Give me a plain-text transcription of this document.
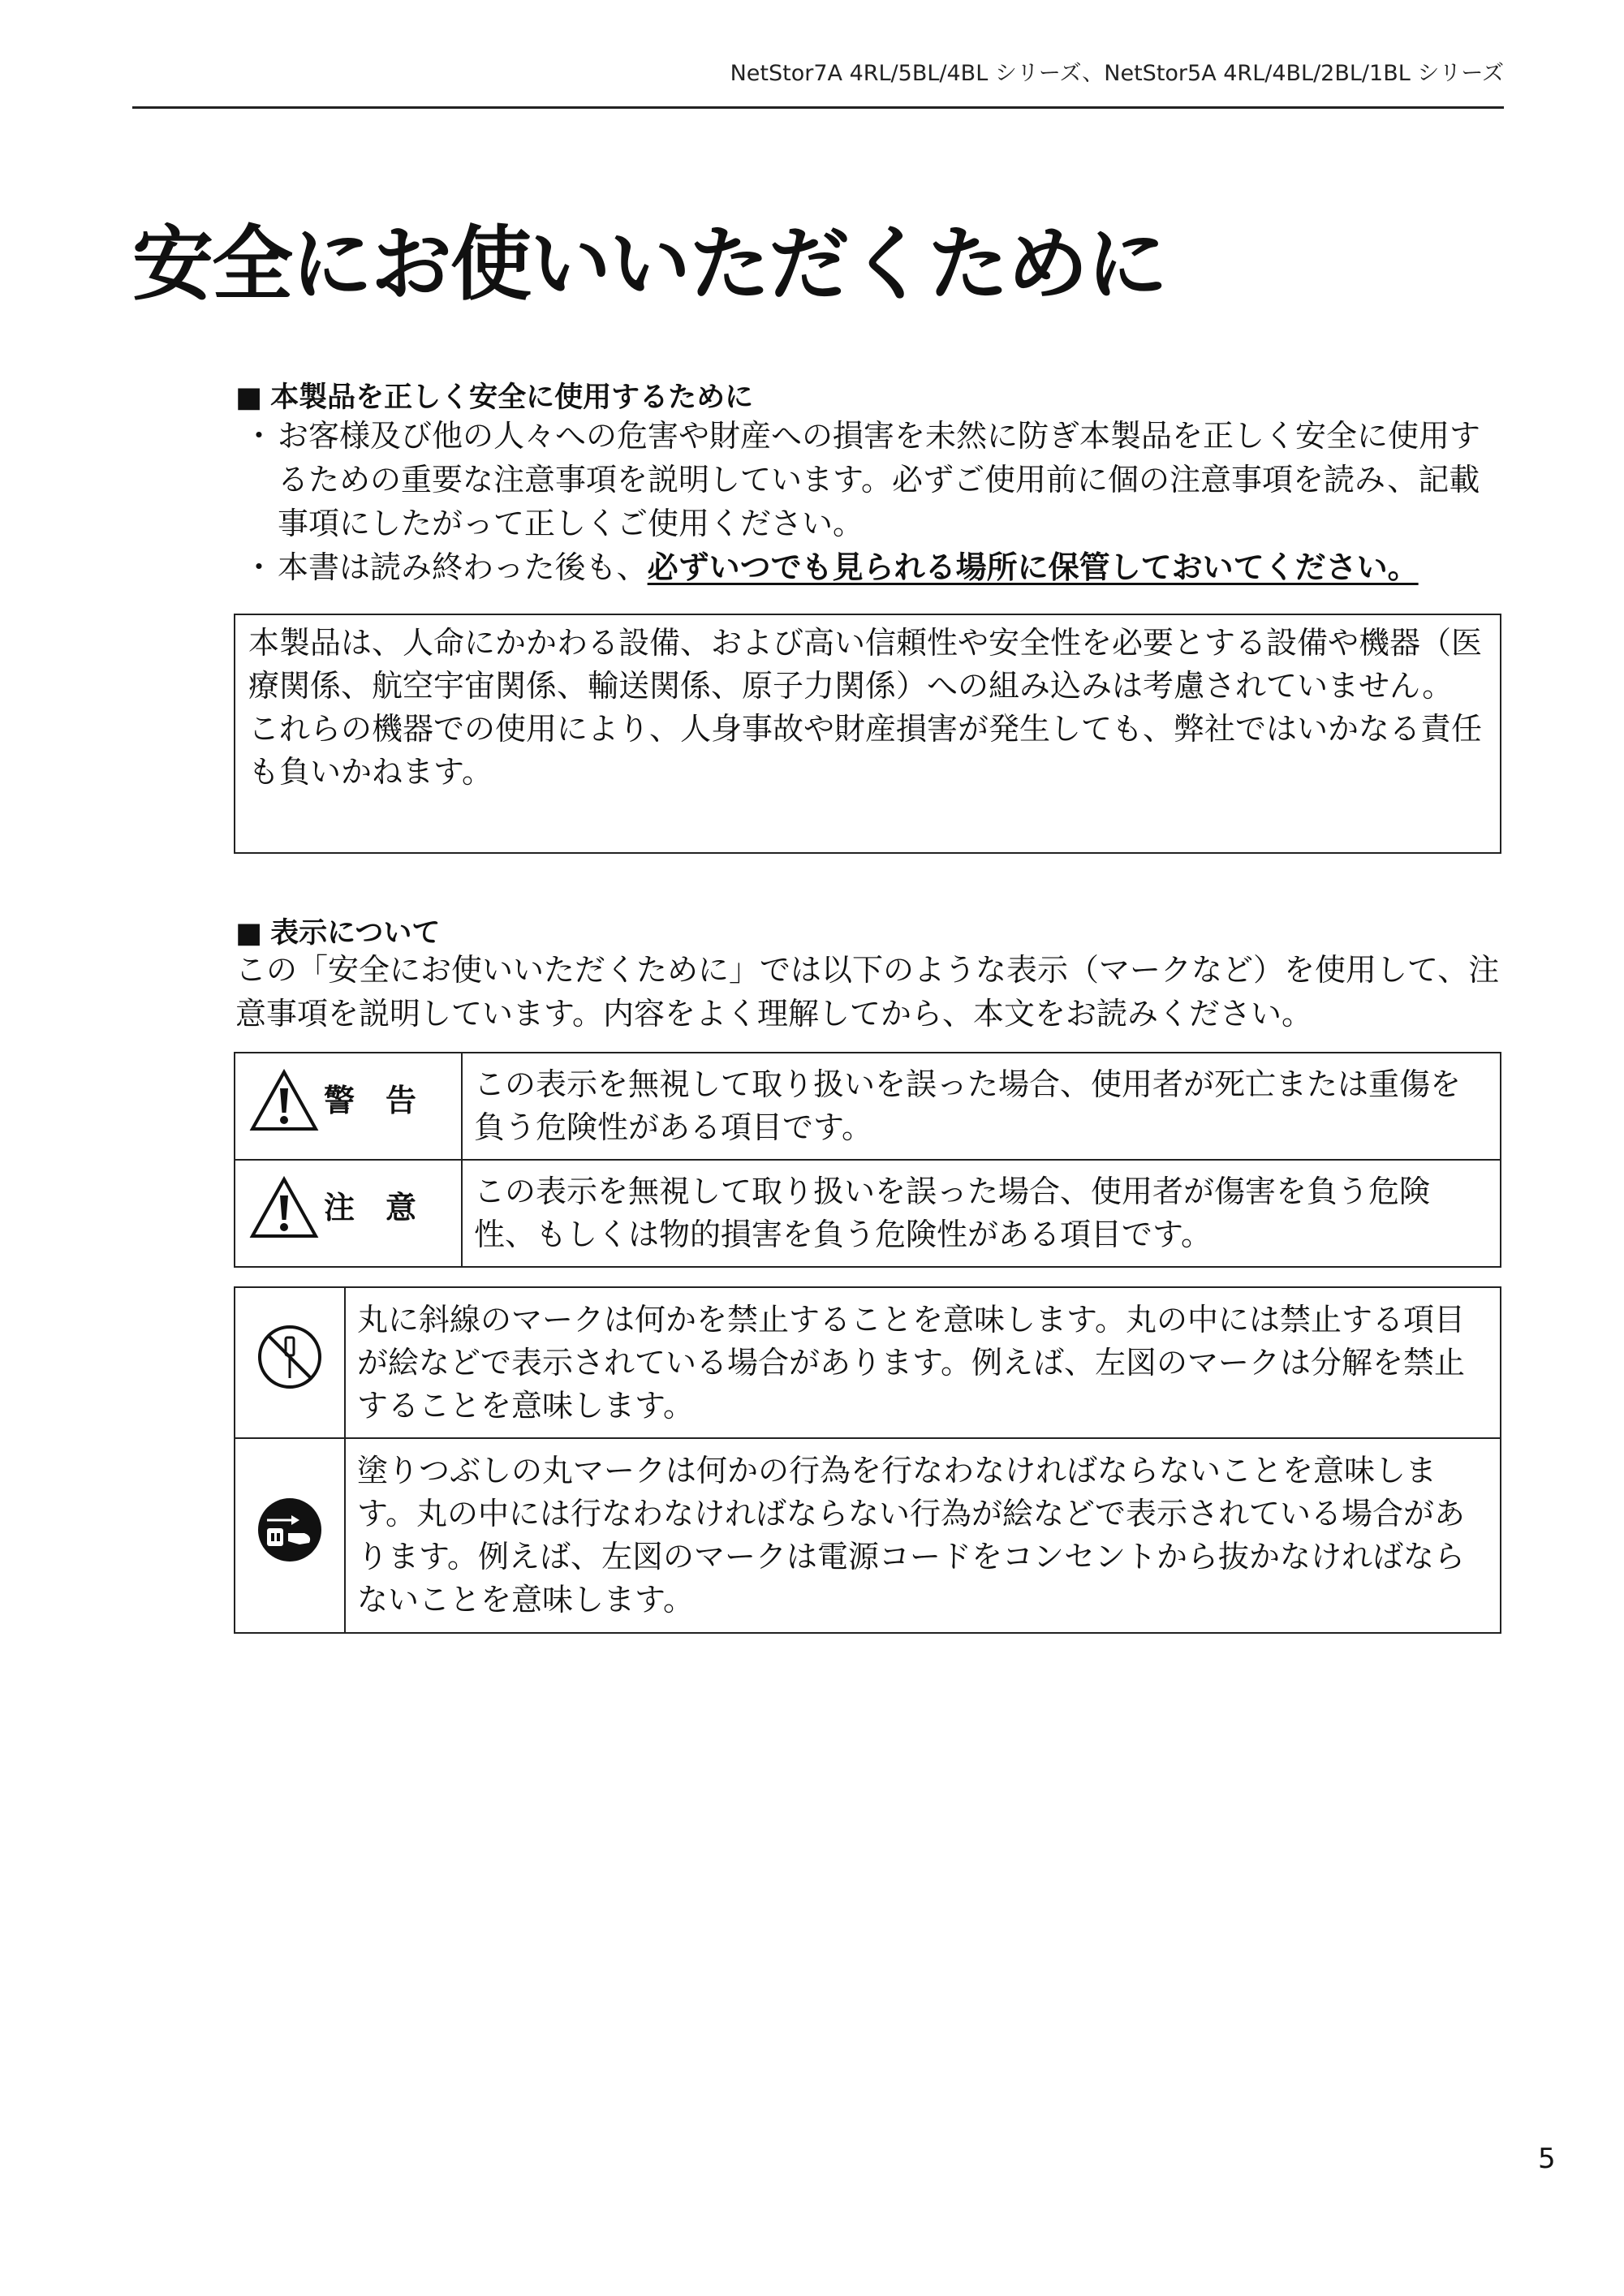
NetStor7A 4RL/5BL/4BL シリーズ、NetStor5A 4RL/4BL/2BL/1BL シリーズ
安全にお使いいただくために
■ 本製品を正しく安全に使用するために
・ お客様及び他の人々への危害や財産への損害を未然に防ぎ本製品を正しく安全に使用するための重要な注意事項を説明しています。必ずご使用前に個の注意事項を読み、記載事項にしたがって正しくご使用ください。
・ 本書は読み終わった後も、必ずいつでも見られる場所に保管しておいてください。
本製品は、人命にかかわる設備、および高い信頼性や安全性を必要とする設備や機器（医療関係、航空宇宙関係、輸送関係、原子力関係）への組み込みは考慮されていません。
これらの機器での使用により、人身事故や財産損害が発生しても、弊社ではいかなる責任も負いかねます。
■ 表示について
この「安全にお使いいただくために」では以下のような表示（マークなど）を使用して、注意事項を説明しています。内容をよく理解してから、本文をお読みください。
警告	この表示を無視して取り扱いを誤った場合、使用者が死亡または重傷を負う危険性がある項目です。

注意	この表示を無視して取り扱いを誤った場合、使用者が傷害を負う危険性、もしくは物的損害を負う危険性がある項目です。
	丸に斜線のマークは何かを禁止することを意味します。丸の中には禁止する項目が絵などで表示されている場合があります。例えば、左図のマークは分解を禁止することを意味します。
	塗りつぶしの丸マークは何かの行為を行なわなければならないことを意味します。丸の中には行なわなければならない行為が絵などで表示されている場合があります。例えば、左図のマークは電源コードをコンセントから抜かなければならないことを意味します。
5
